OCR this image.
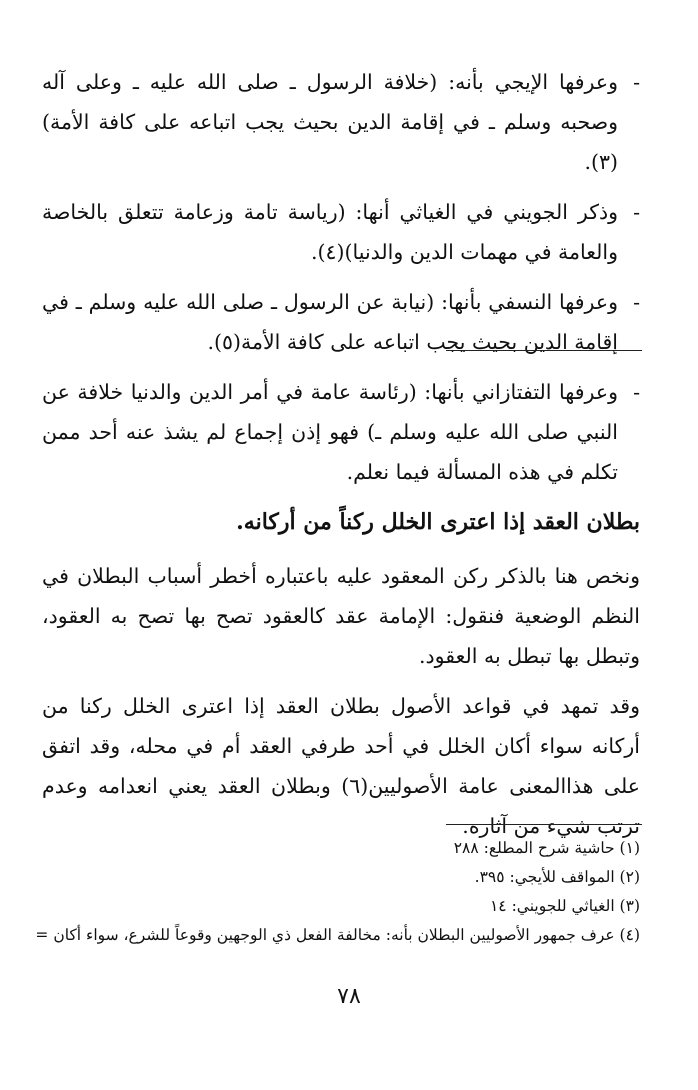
-
وعرفها الإيجي بأنه: (خلافة الرسول ـ صلى الله عليه ـ وعلى آله وصحبه وسلم ـ في إقامة الدين بحيث يجب اتباعه على كافة الأمة)(٣).
-
وذكر الجويني في الغياثي أنها: (رياسة تامة وزعامة تتعلق بالخاصة والعامة في مهمات الدين والدنيا)(٤).
-
وعرفها النسفي بأنها: (نيابة عن الرسول ـ صلى الله عليه وسلم ـ في إقامة الدين بحيث يجب اتباعه على كافة الأمة(٥).
-
وعرفها التفتازاني بأنها: (رئاسة عامة في أمر الدين والدنيا خلافة عن النبي صلى الله عليه وسلم ـ) فهو إذن إجماع لم يشذ عنه أحد ممن تكلم في هذه المسألة فيما نعلم.
بطلان العقد إذا اعترى الخلل ركناً من أركانه.
ونخص هنا بالذكر ركن المعقود عليه باعتباره أخطر أسباب البطلان في النظم الوضعية فنقول: الإمامة عقد كالعقود تصح بها تصح به العقود، وتبطل بها تبطل به العقود.
وقد تمهد في قواعد الأصول بطلان العقد إذا اعترى الخلل ركنا من أركانه سواء أكان الخلل في أحد طرفي العقد أم في محله، وقد اتفق على هذاالمعنى عامة الأصوليين(٦) وبطلان العقد يعني انعدامه وعدم ترتب شيء من آثاره.
(١) حاشية شرح المطلع: ٢٨٨
(٢) المواقف للأيجي: ٣٩٥.
(٣) الغياثي للجويني: ١٤
(٤) عرف جمهور الأصوليين البطلان بأنه: مخالفة الفعل ذي الوجهين وقوعاً للشرع، سواء أكان =
٧٨
